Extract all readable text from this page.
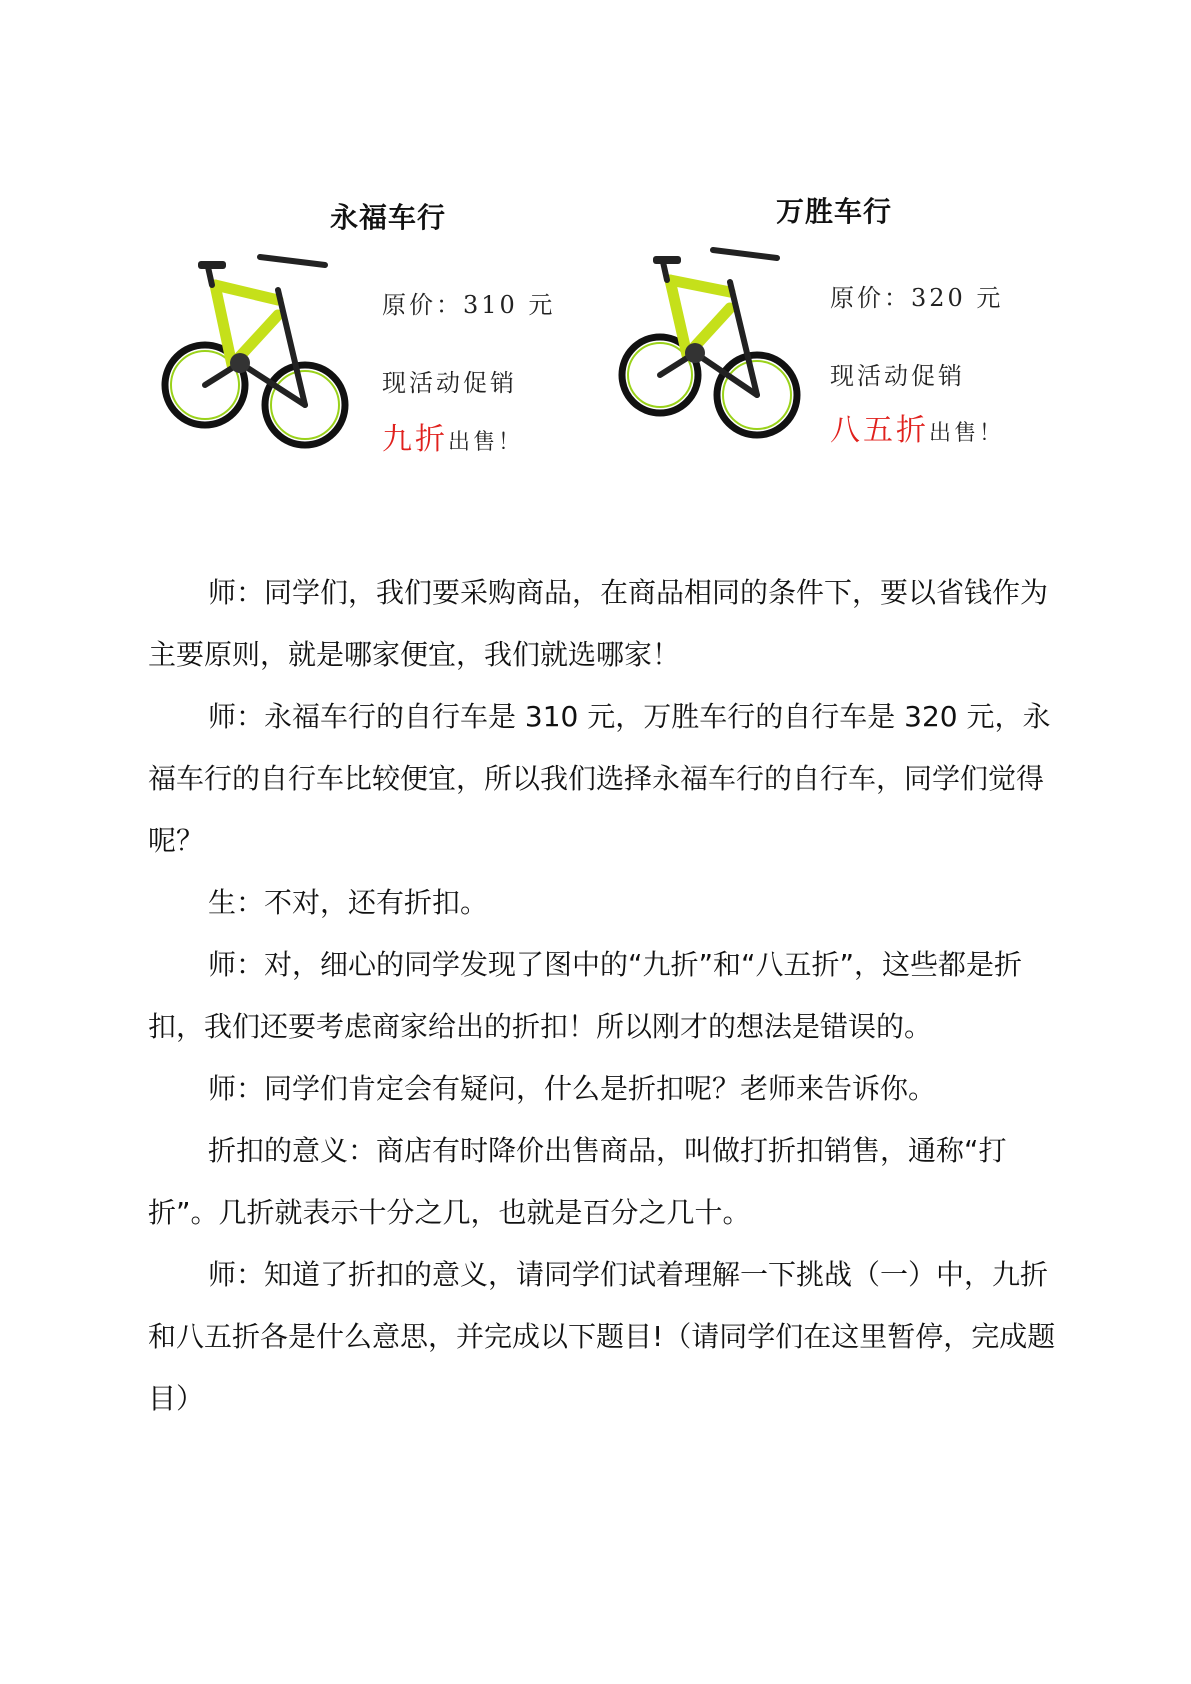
永福车行
原价：310 元
现活动促销
九折出售！
万胜车行
原价：320 元
现活动促销
八五折出售！

师：同学们，我们要采购商品，在商品相同的条件下，要以省钱作为主要原则，就是哪家便宜，我们就选哪家！

师：永福车行的自行车是 310 元，万胜车行的自行车是 320 元，永福车行的自行车比较便宜，所以我们选择永福车行的自行车，同学们觉得呢？

生：不对，还有折扣。

师：对，细心的同学发现了图中的“九折”和“八五折”，这些都是折扣，我们还要考虑商家给出的折扣！所以刚才的想法是错误的。

师：同学们肯定会有疑问，什么是折扣呢？老师来告诉你。

折扣的意义：商店有时降价出售商品，叫做打折扣销售，通称“打折”。几折就表示十分之几，也就是百分之几十。

师：知道了折扣的意义，请同学们试着理解一下挑战（一）中，九折和八五折各是什么意思，并完成以下题目!（请同学们在这里暂停，完成题目）
